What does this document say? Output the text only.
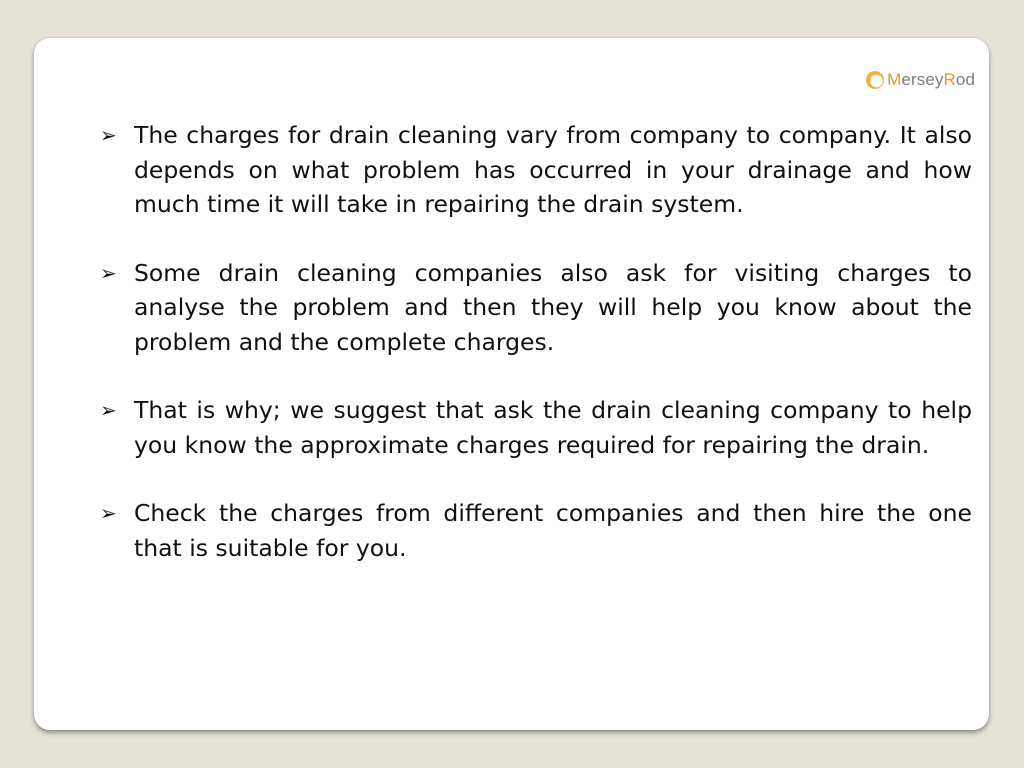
MerseyRod
➢ The charges for drain cleaning vary from company to company. It also depends on what problem has occurred in your drainage and how much time it will take in repairing the drain system.
➢ Some drain cleaning companies also ask for visiting charges to analyse the problem and then they will help you know about the problem and the complete charges.
➢ That is why; we suggest that ask the drain cleaning company to help you know the approximate charges required for repairing the drain.
➢ Check the charges from different companies and then hire the one that is suitable for you.
